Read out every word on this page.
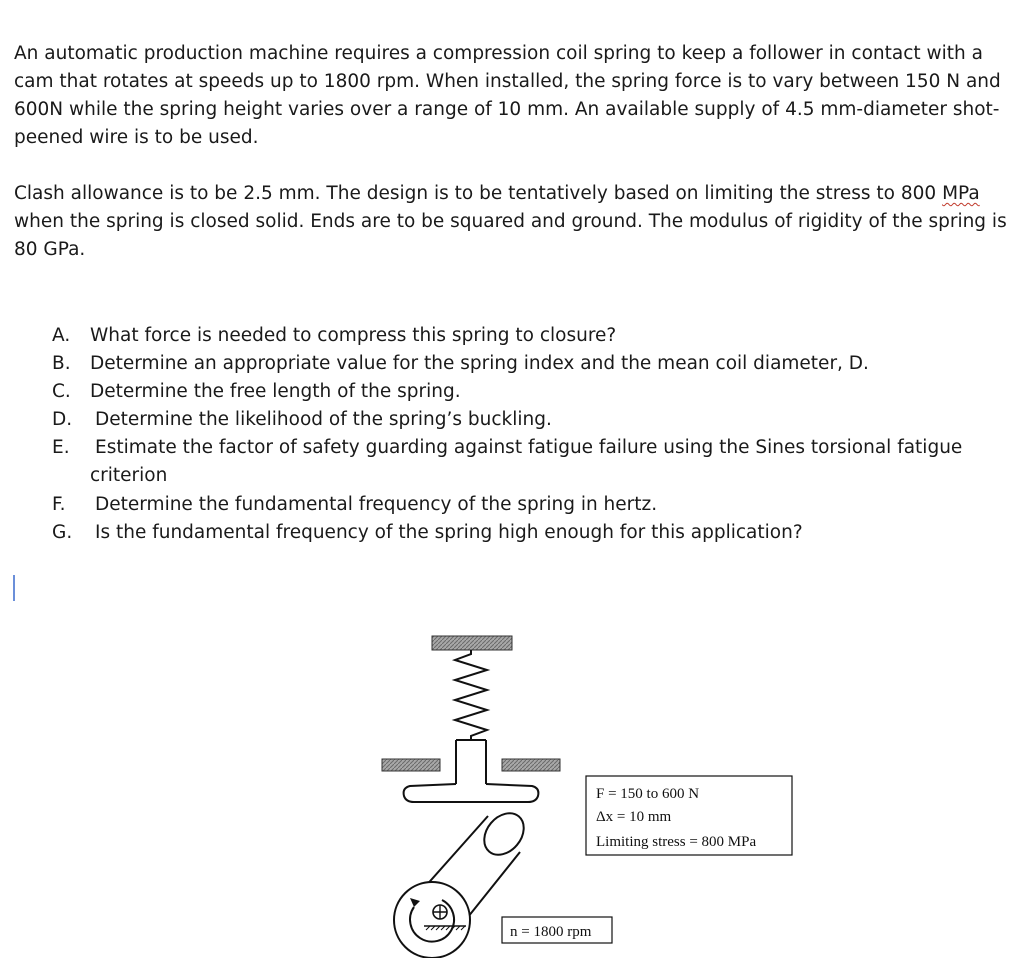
An automatic production machine requires a compression coil spring to keep a follower in contact with a cam that rotates at speeds up to 1800 rpm. When installed, the spring force is to vary between 150 N and 600N while the spring height varies over a range of 10 mm. An available supply of 4.5 mm-diameter shot-peened wire is to be used.

Clash allowance is to be 2.5 mm. The design is to be tentatively based on limiting the stress to 800 MPa when the spring is closed solid. Ends are to be squared and ground. The modulus of rigidity of the spring is 80 GPa.

A.	What force is needed to compress this spring to closure?
B.	Determine an appropriate value for the spring index and the mean coil diameter, D.
C.	Determine the free length of the spring.
D.	Determine the likelihood of the spring’s buckling.
E.	Estimate the factor of safety guarding against fatigue failure using the Sines torsional fatigue
criterion
F.	Determine the fundamental frequency of the spring in hertz.
G.	Is the fundamental frequency of the spring high enough for this application?
F = 150 to 600 N
Δx = 10 mm
Limiting stress = 800 MPa
n = 1800 rpm
